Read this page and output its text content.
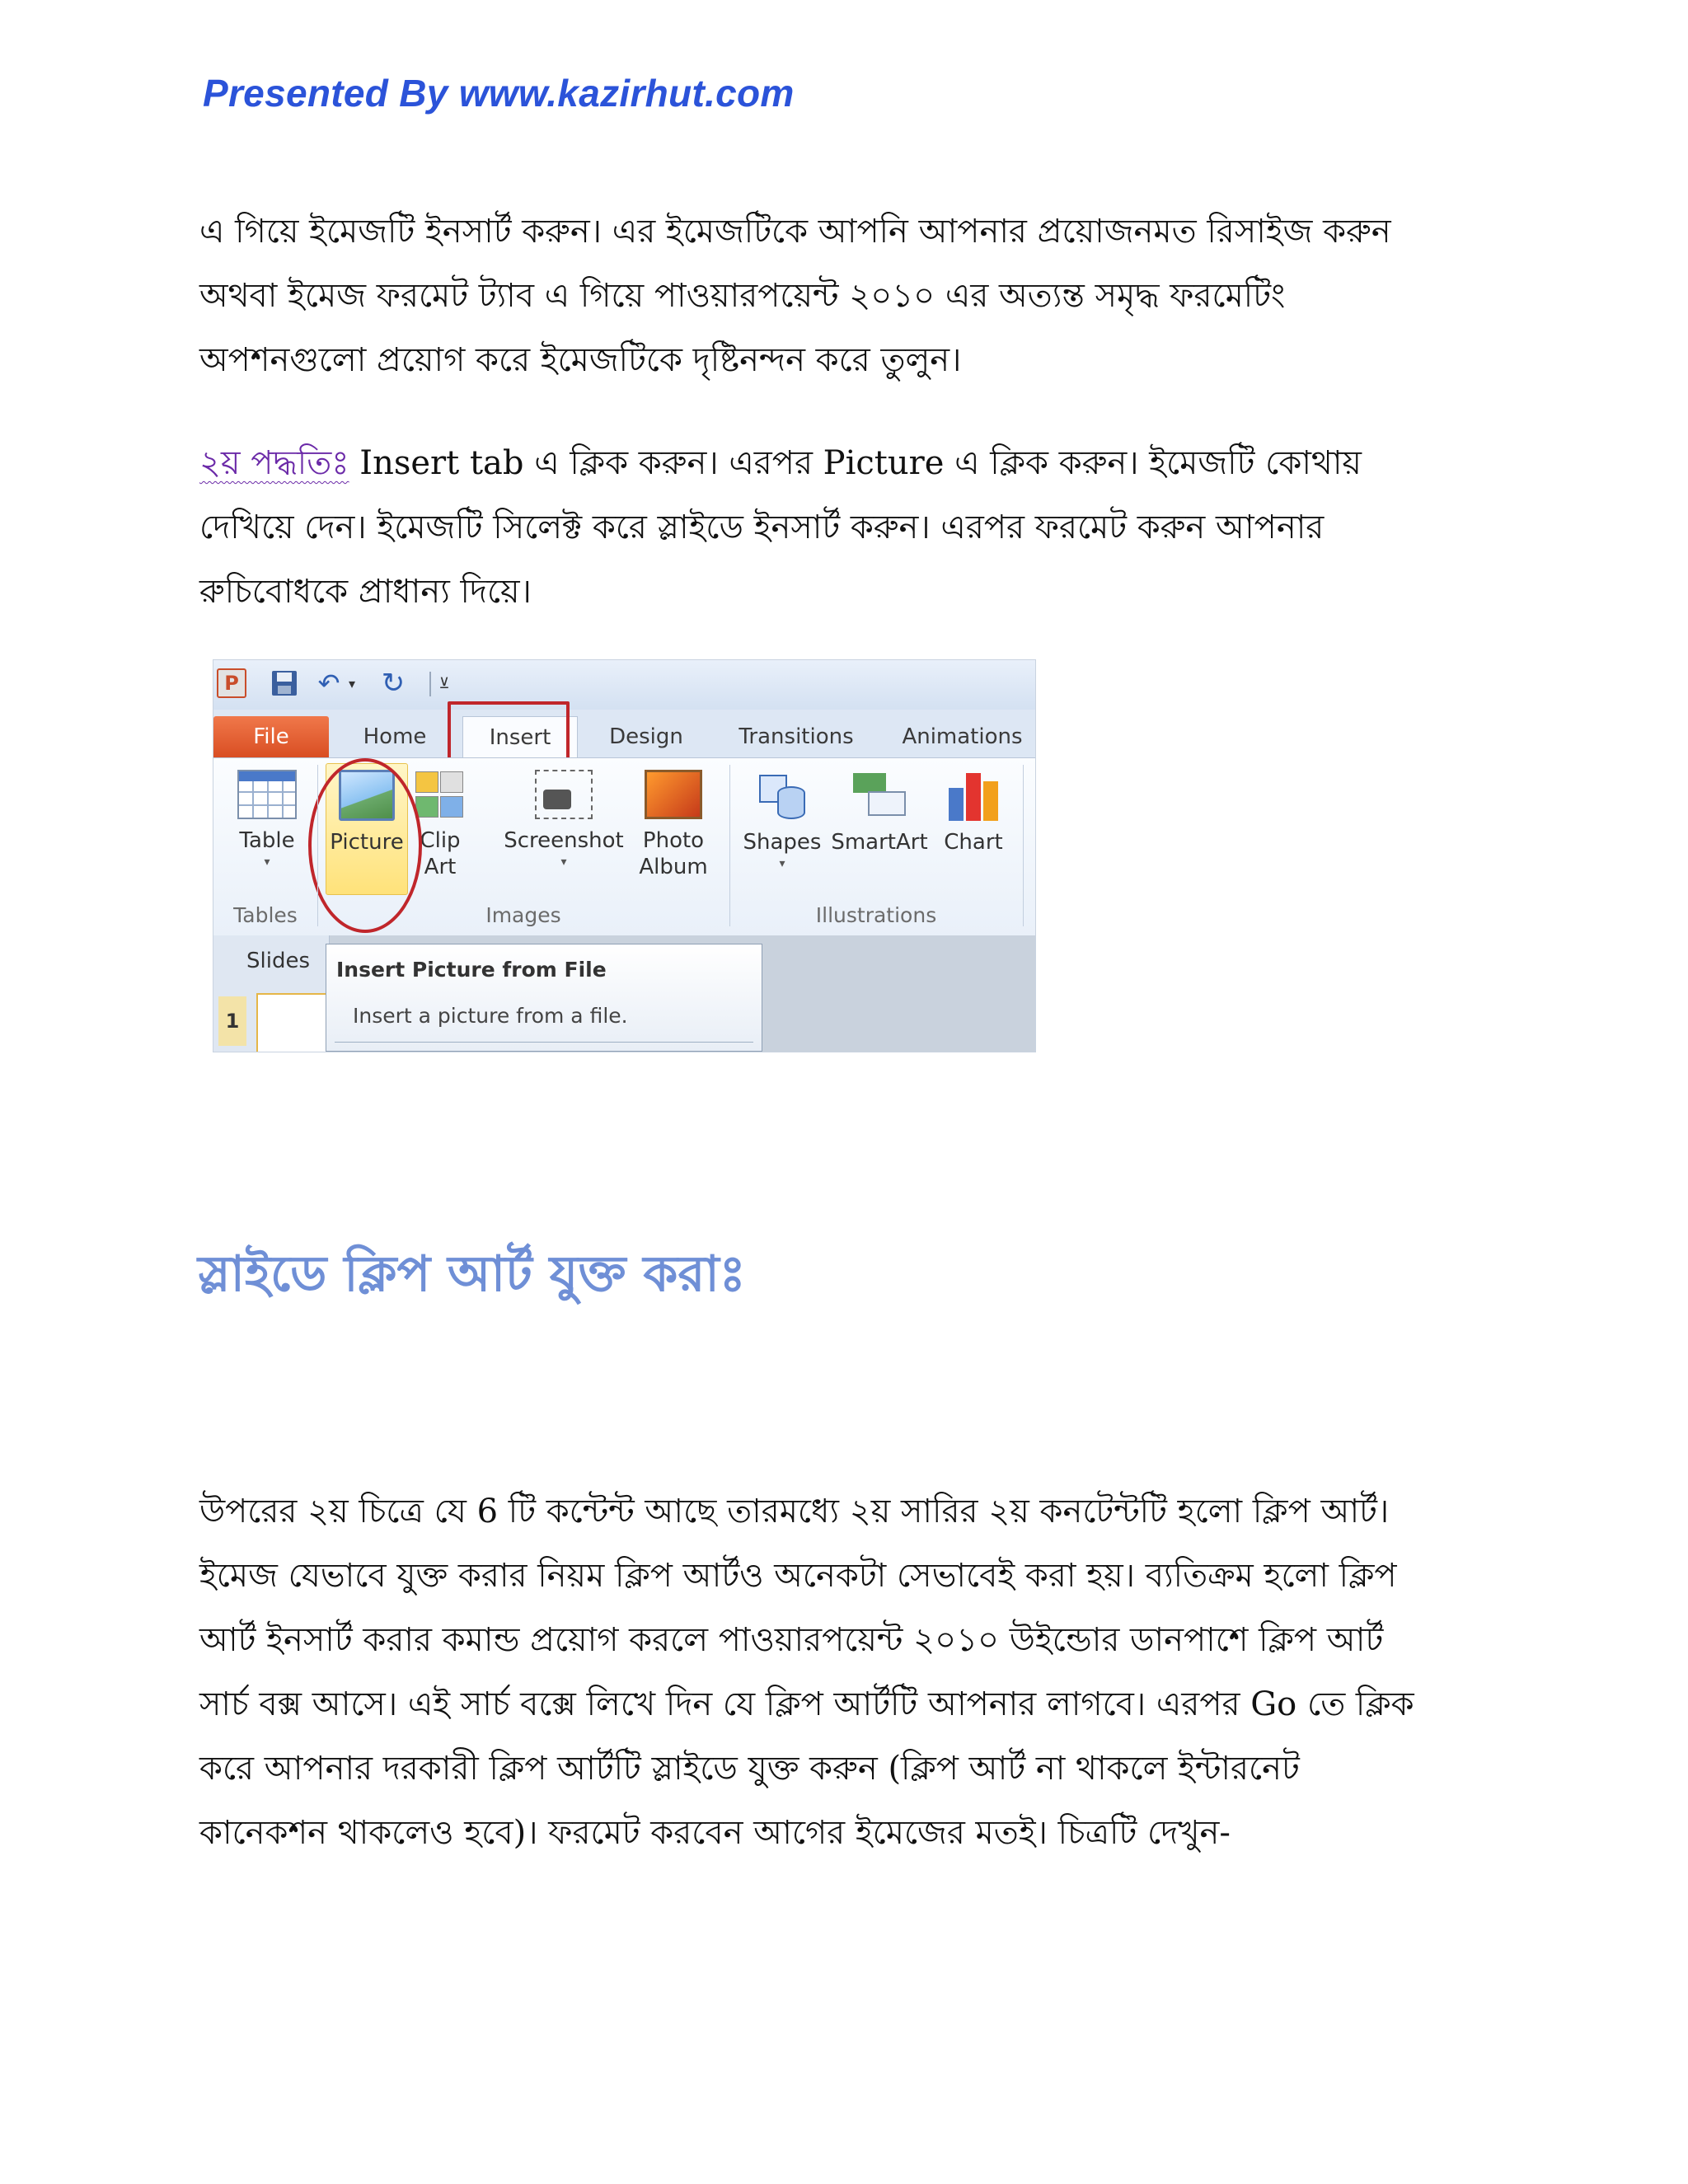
Presented By www.kazirhut.com
এ গিয়ে ইমেজটি ইনসার্ট করুন। এর ইমেজটিকে আপনি আপনার প্রয়োজনমত রিসাইজ করুন
অথবা ইমেজ ফরমেট ট্যাব এ গিয়ে পাওয়ারপয়েন্ট ২০১০ এর অত্যন্ত সমৃদ্ধ ফরমেটিং
অপশনগুলো প্রয়োগ করে ইমেজটিকে দৃষ্টিনন্দন করে তুলুন।
২য় পদ্ধতিঃ Insert tab এ ক্লিক করুন। এরপর Picture এ ক্লিক করুন। ইমেজটি কোথায়
দেখিয়ে দেন। ইমেজটি সিলেক্ট করে স্লাইডে ইনসার্ট করুন। এরপর ফরমেট করুন আপনার
রুচিবোধকে প্রাধান্য দিয়ে।
P	↶ ▾ ↻	⊻
File	Home	Insert	Design	Transitions	Animations
Table
▾
Picture Clip
Art
Screenshot
▾
Photo
Album
Shapes
▾
SmartArt Chart
Tables	Images	Illustrations
Slides
1
Insert Picture from File
Insert a picture from a file.
স্লাইডে ক্লিপ আর্ট যুক্ত করাঃ
উপরের ২য় চিত্রে যে 6 টি কন্টেন্ট আছে তারমধ্যে ২য় সারির ২য় কনটেন্টটি হলো ক্লিপ আর্ট।
ইমেজ যেভাবে যুক্ত করার নিয়ম ক্লিপ আর্টও অনেকটা সেভাবেই করা হয়। ব্যতিক্রম হলো ক্লিপ
আর্ট ইনসার্ট করার কমান্ড প্রয়োগ করলে পাওয়ারপয়েন্ট ২০১০ উইন্ডোর ডানপাশে ক্লিপ আর্ট
সার্চ বক্স আসে। এই সার্চ বক্সে লিখে দিন যে ক্লিপ আর্টটি আপনার লাগবে। এরপর Go তে ক্লিক
করে আপনার দরকারী ক্লিপ আর্টটি স্লাইডে যুক্ত করুন (ক্লিপ আর্ট না থাকলে ইন্টারনেট
কানেকশন থাকলেও হবে)। ফরমেট করবেন আগের ইমেজের মতই। চিত্রটি দেখুন-
